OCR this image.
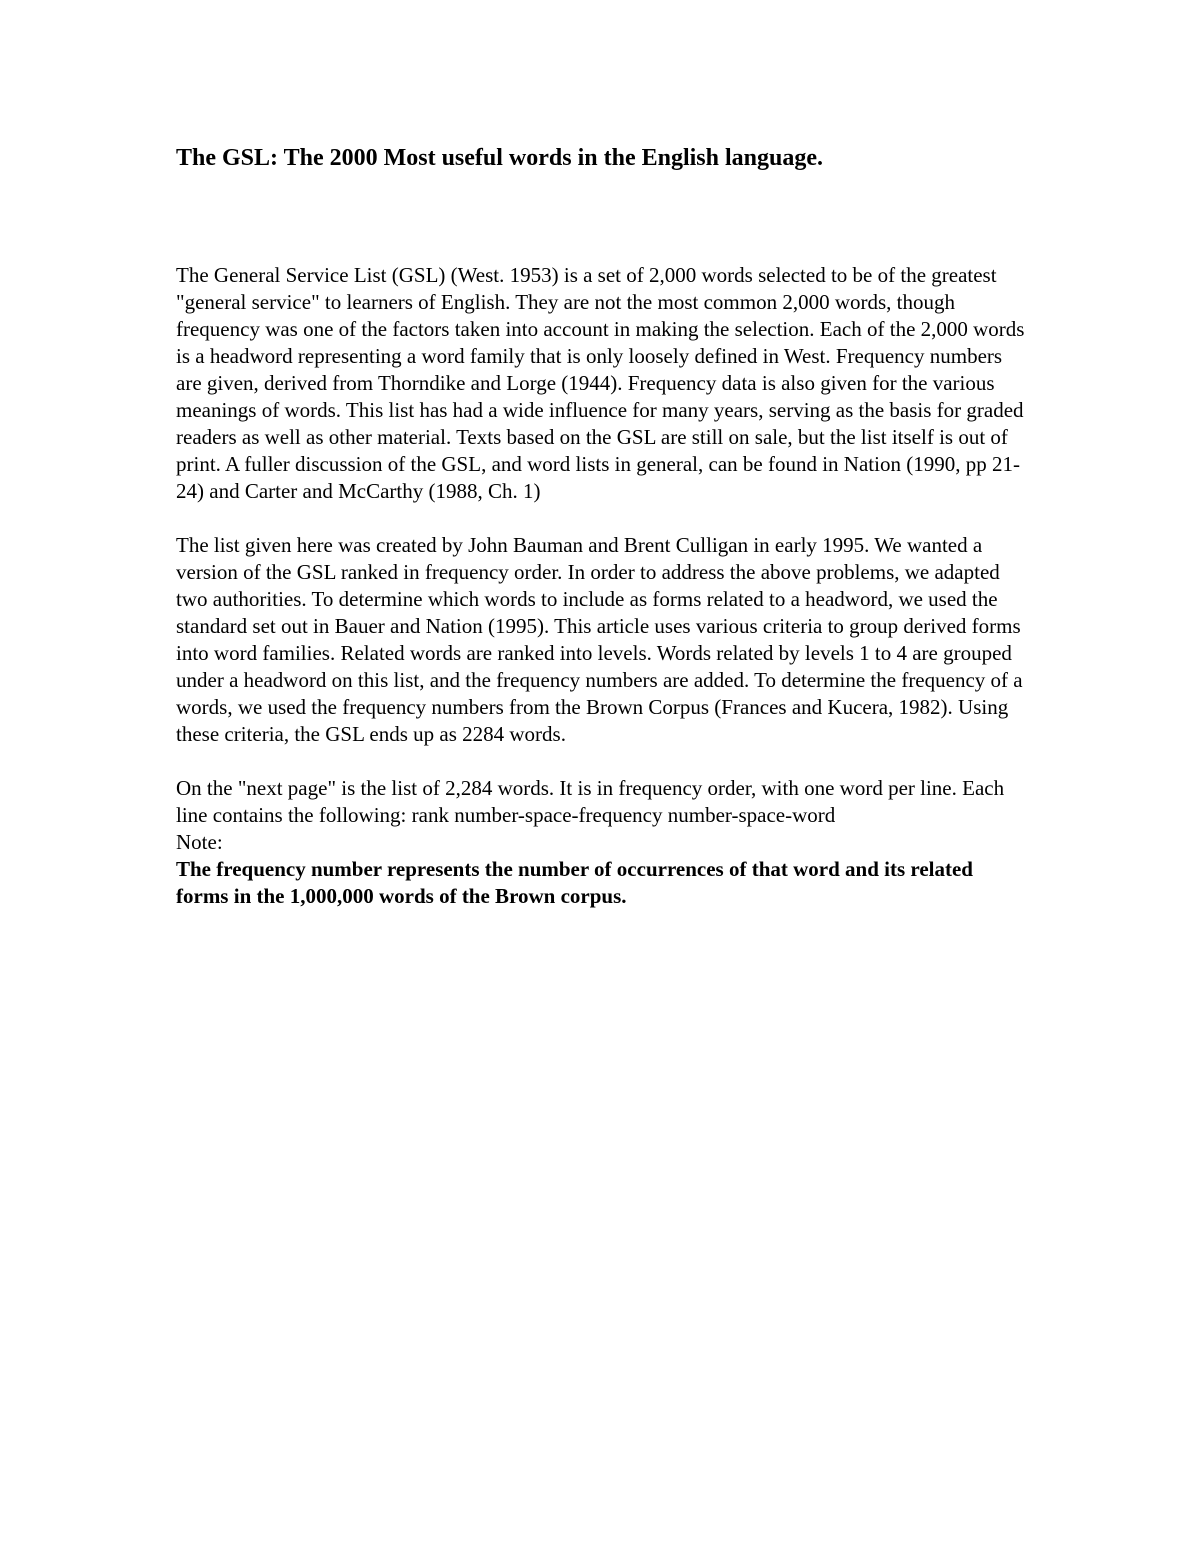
The GSL: The 2000 Most useful words in the English language.

The General Service List (GSL) (West. 1953) is a set of 2,000 words selected to be of the greatest "general service" to learners of English. They are not the most common 2,000 words, though frequency was one of the factors taken into account in making the selection. Each of the 2,000 words is a headword representing a word family that is only loosely defined in West. Frequency numbers are given, derived from Thorndike and Lorge (1944). Frequency data is also given for the various meanings of words. This list has had a wide influence for many years, serving as the basis for graded readers as well as other material. Texts based on the GSL are still on sale, but the list itself is out of print. A fuller discussion of the GSL, and word lists in general, can be found in Nation (1990, pp 21-24) and Carter and McCarthy (1988, Ch. 1)

The list given here was created by John Bauman and Brent Culligan in early 1995. We wanted a version of the GSL ranked in frequency order. In order to address the above problems, we adapted two authorities. To determine which words to include as forms related to a headword, we used the standard set out in Bauer and Nation (1995). This article uses various criteria to group derived forms into word families. Related words are ranked into levels. Words related by levels 1 to 4 are grouped under a headword on this list, and the frequency numbers are added. To determine the frequency of a words, we used the frequency numbers from the Brown Corpus (Frances and Kucera, 1982). Using these criteria, the GSL ends up as 2284 words.

On the "next page" is the list of 2,284 words. It is in frequency order, with one word per line. Each line contains the following: rank number-space-frequency number-space-word

Note:

The frequency number represents the number of occurrences of that word and its related forms in the 1,000,000 words of the Brown corpus.
